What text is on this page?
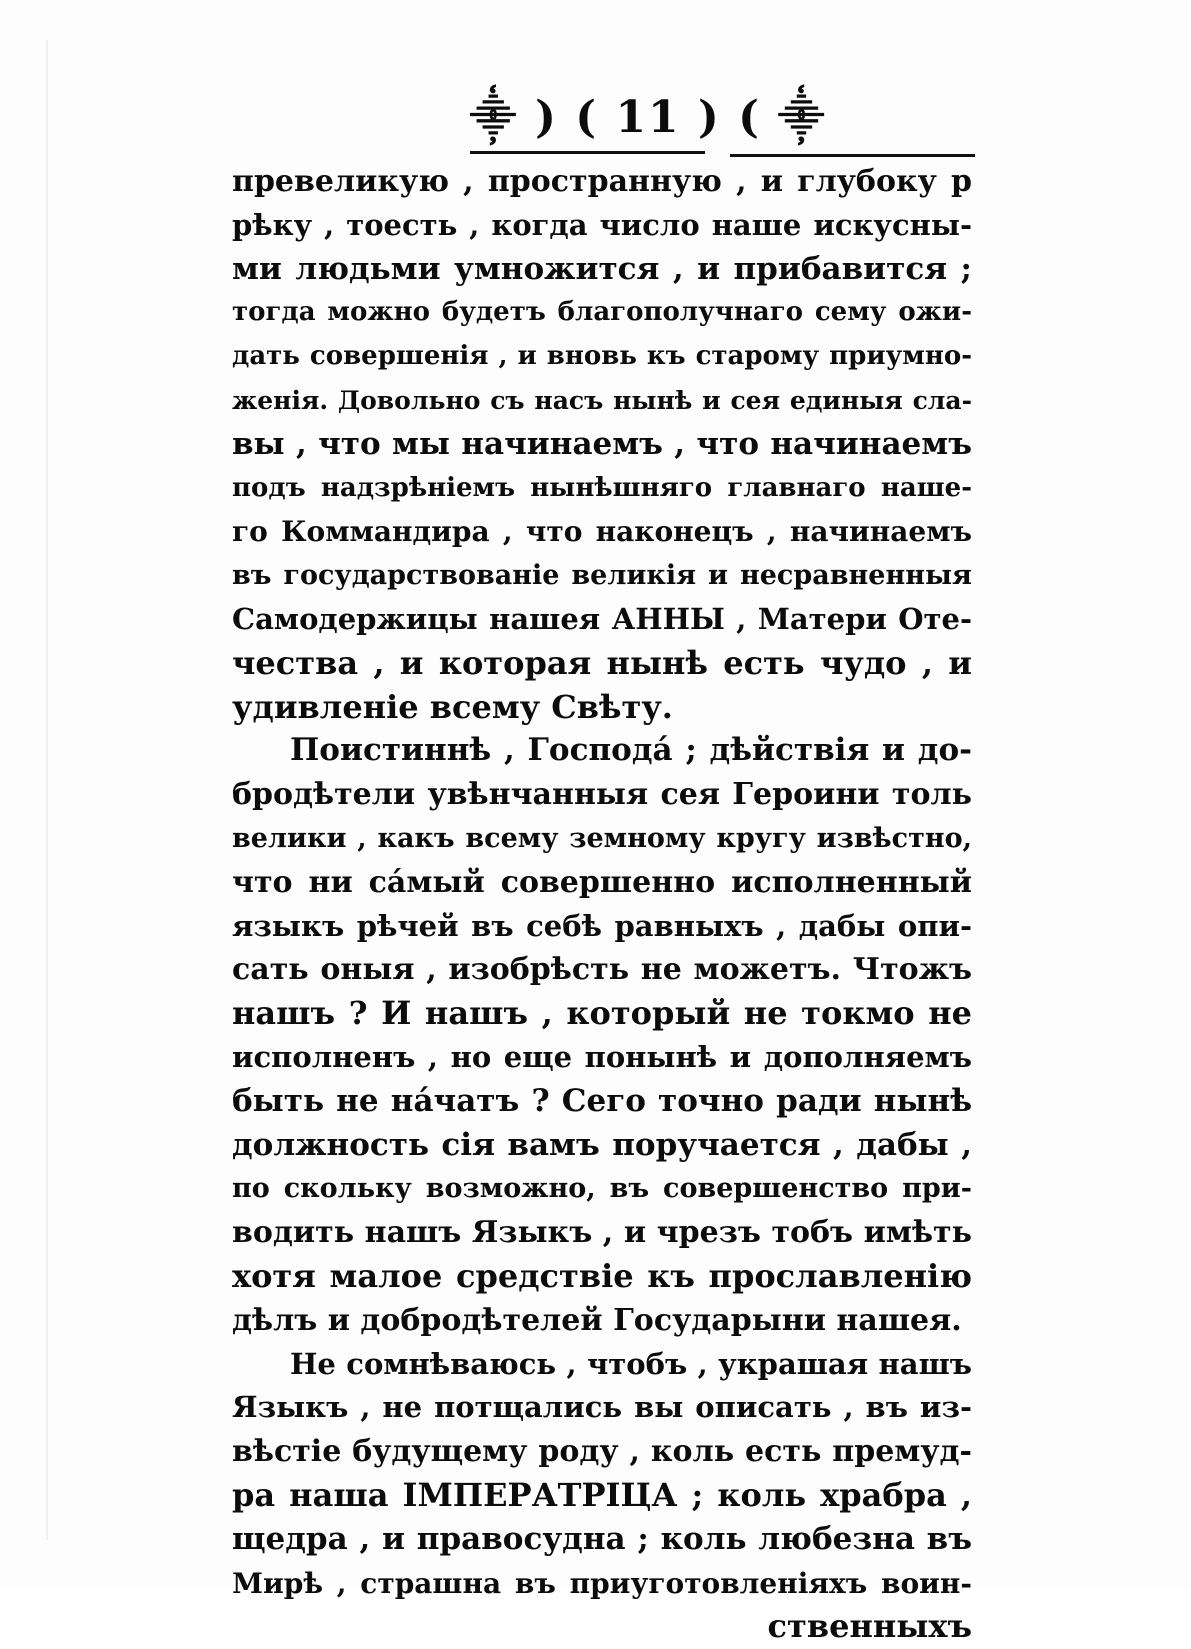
⸎ ) ( 11 ) ( ⸎
превеликую , пространную , и глубоку р
рѣку , тоесть , когда число наше искусны-
ми людьми умножится , и прибавится ;
тогда можно будетъ благополучнаго сему ожи-
дать совершенія , и вновь къ старому приумно-
женія. Довольно съ насъ нынѣ и сея единыя сла-
вы , что мы начинаемъ , что начинаемъ
подъ надзрѣніемъ нынѣшняго главнаго наше-
го Коммандира , что наконецъ , начинаемъ
въ государствованіе великія и несравненныя
Самодержицы нашея АННЫ , Матери Оте-
чества , и которая нынѣ есть чудо , и
удивленіе всему Свѣту.
Поистиннѣ , Господа́ ; дѣйствія и до-
бродѣтели увѣнчанныя сея Героини толь
велики , какъ всему земному кругу извѣстно,
что ни са́мый совершенно исполненный
языкъ рѣчей въ себѣ равныхъ , дабы опи-
сать оныя , изобрѣсть не можетъ. Чтожъ
нашъ ? И нашъ , который не токмо не
исполненъ , но еще понынѣ и дополняемъ
быть не на́чатъ ? Сего точно ради нынѣ
должность сія вамъ поручается , дабы ,
по скольку возможно, въ совершенство при-
водить нашъ Языкъ , и чрезъ тобъ имѣть
хотя малое средствіе къ прославленію
дѣлъ и добродѣтелей Государыни нашея.
Не сомнѣваюсь , чтобъ , украшая нашъ
Языкъ , не потщались вы описать , въ из-
вѣстіе будущему роду , коль есть премуд-
ра наша ІМПЕРАТРІЦА ; коль храбра ,
щедра , и правосудна ; коль любезна въ
Мирѣ , страшна въ приуготовленіяхъ воин-
ственныхъ
